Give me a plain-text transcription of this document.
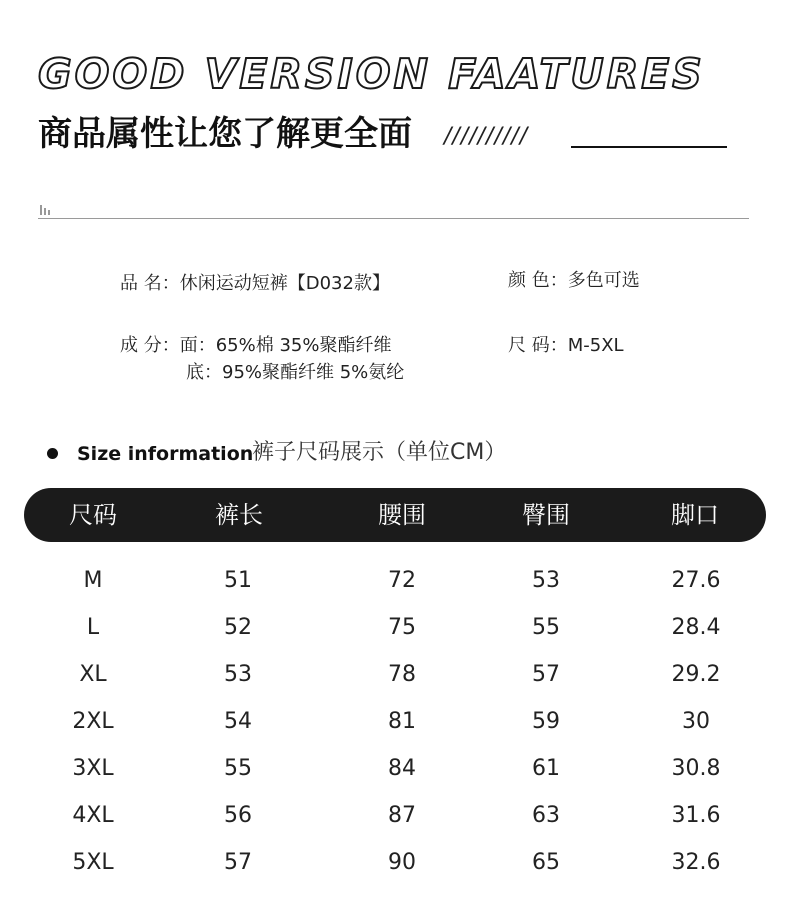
GOOD VERSION FAATURES
商品属性让您了解更全面 //////////
品 名：休闲运动短裤【D032款】	颜 色：多色可选
成 分：面：65%棉 35%聚酯纤维
底：95%聚酯纤维 5%氨纶
尺 码：M-5XL
Size information
裤子尺码展示（单位CM）
尺码	裤长	腰围	臀围	脚口
M	51	72	53	27.6
L	52	75	55	28.4
XL	53	78	57	29.2
2XL	54	81	59	30
3XL	55	84	61	30.8
4XL	56	87	63	31.6
5XL	57	90	65	32.6
